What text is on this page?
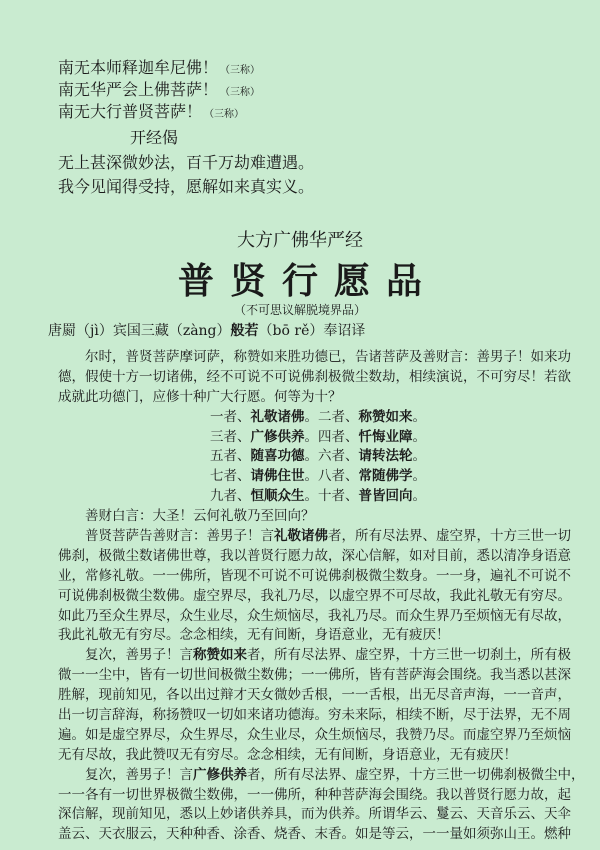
南无本师释迦牟尼佛！ （三称）
南无华严会上佛菩萨！ （三称）
南无大行普贤菩萨！ （三称）
开经偈
无上甚深微妙法，百千万劫难遭遇。
我今见闻得受持，愿解如来真实义。
大方广佛华严经
普贤行愿品
（不可思议解脱境界品）
唐罽（jì）宾国三藏（zàng）般若（bō rě）奉诏译
尔时，普贤菩萨摩诃萨，称赞如来胜功德已，告诸菩萨及善财言：善男子！如来功
德，假使十方一切诸佛，经不可说不可说佛刹极微尘数劫，相续演说，不可穷尽！若欲
成就此功德门，应修十种广大行愿。何等为十？
一者、礼敬诸佛。二者、称赞如来。
三者、广修供养。四者、忏悔业障。
五者、随喜功德。六者、请转法轮。
七者、请佛住世。八者、常随佛学。
九者、恒顺众生。十者、普皆回向。
善财白言：大圣！云何礼敬乃至回向？
普贤菩萨告善财言：善男子！言礼敬诸佛者，所有尽法界、虚空界，十方三世一切
佛刹，极微尘数诸佛世尊，我以普贤行愿力故，深心信解，如对目前，悉以清净身语意
业，常修礼敬。一一佛所，皆现不可说不可说佛刹极微尘数身。一一身，遍礼不可说不
可说佛刹极微尘数佛。虚空界尽，我礼乃尽，以虚空界不可尽故，我此礼敬无有穷尽。
如此乃至众生界尽，众生业尽，众生烦恼尽，我礼乃尽。而众生界乃至烦恼无有尽故，
我此礼敬无有穷尽。念念相续，无有间断，身语意业，无有疲厌！
复次，善男子！言称赞如来者，所有尽法界、虚空界，十方三世一切刹土，所有极
微一一尘中，皆有一切世间极微尘数佛；一一佛所，皆有菩萨海会围绕。我当悉以甚深
胜解，现前知见，各以出过辩才天女微妙舌根，一一舌根，出无尽音声海，一一音声，
出一切言辞海，称扬赞叹一切如来诸功德海。穷未来际，相续不断，尽于法界，无不周
遍。如是虚空界尽，众生界尽，众生业尽，众生烦恼尽，我赞乃尽。而虚空界乃至烦恼
无有尽故，我此赞叹无有穷尽。念念相续，无有间断，身语意业，无有疲厌！
复次，善男子！言广修供养者，所有尽法界、虚空界，十方三世一切佛刹极微尘中，
一一各有一切世界极微尘数佛，一一佛所，种种菩萨海会围绕。我以普贤行愿力故，起
深信解，现前知见，悉以上妙诸供养具，而为供养。所谓华云、鬘云、天音乐云、天伞
盖云、天衣服云，天种种香、涂香、烧香、末香。如是等云，一一量如须弥山王。燃种
